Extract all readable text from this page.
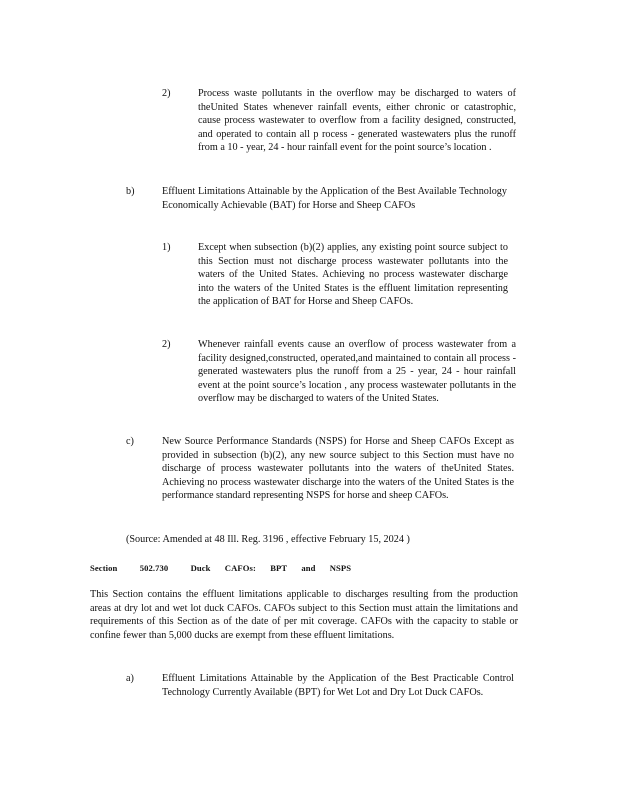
2)	Process waste pollutants in the overflow may be discharged to waters of theUnited States whenever rainfall events, either chronic or catastrophic, cause process wastewater to overflow from a facility designed, constructed, and operated to contain all p rocess - generated wastewaters plus the runoff from a 10 - year, 24 - hour rainfall event for the point source’s location .
b)	Effluent Limitations Attainable by the Application of the Best Available Technology Economically Achievable (BAT) for Horse and Sheep CAFOs
1)	Except when subsection (b)(2) applies, any existing point source subject to this Section must not discharge process wastewater pollutants into the waters of the United States. Achieving no process wastewater discharge into the waters of the United States is the effluent limitation representing the application of BAT for Horse and Sheep CAFOs.
2)	Whenever rainfall events cause an overflow of process wastewater from a facility designed,constructed, operated,and maintained to contain all process - generated wastewaters plus the runoff from a 25 - year, 24 - hour rainfall event at the point source’s location , any process wastewater pollutants in the overflow may be discharged to waters of the United States.
c)	New Source Performance Standards (NSPS) for Horse and Sheep CAFOs Except as provided in subsection (b)(2), any new source subject to this Section must have no discharge of process wastewater pollutants into the waters of theUnited States. Achieving no process wastewater discharge into the waters of the United States is the performance standard representing NSPS for horse and sheep CAFOs.
(Source: Amended at 48 Ill. Reg. 3196 , effective February 15, 2024 )
Section	502.730	Duck CAFOs: BPT and NSPS
This Section contains the effluent limitations applicable to discharges resulting from the production areas at dry lot and wet lot duck CAFOs. CAFOs subject to this Section must attain the limitations and requirements of this Section as of the date of per mit coverage. CAFOs with the capacity to stable or confine fewer than 5,000 ducks are exempt from these effluent limitations.
a)	Effluent Limitations Attainable by the Application of the Best Practicable Control Technology Currently Available (BPT) for Wet Lot and Dry Lot Duck CAFOs.
